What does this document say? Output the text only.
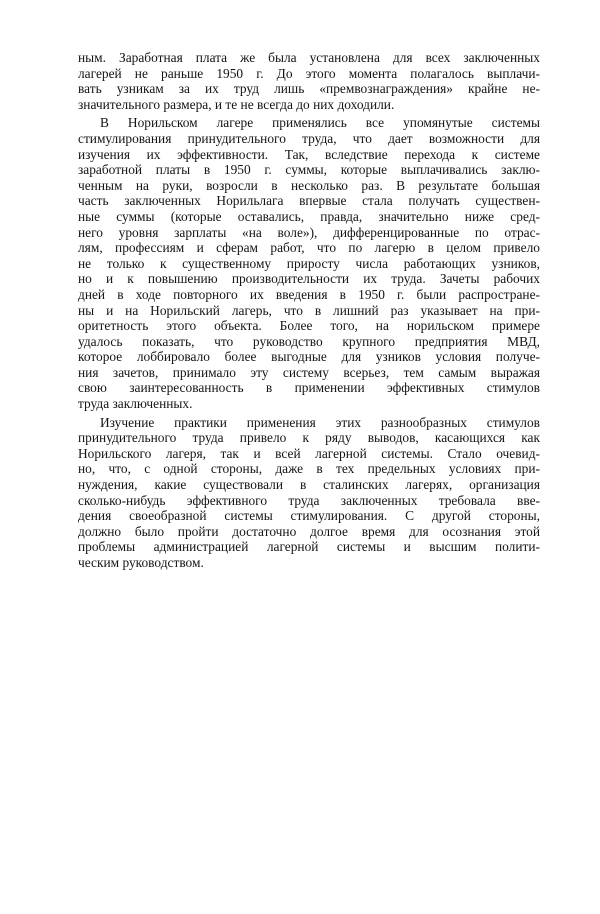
ным. Заработная плата же была установлена для всех заключенных
лагерей не раньше 1950 г. До этого момента полагалось выплачи-
вать узникам за их труд лишь «премвознаграждения» крайне не-
значительного размера, и те не всегда до них доходили.

В Норильском лагере применялись все упомянутые системы
стимулирования принудительного труда, что дает возможности для
изучения их эффективности. Так, вследствие перехода к системе
заработной платы в 1950 г. суммы, которые выплачивались заклю-
ченным на руки, возросли в несколько раз. В результате большая
часть заключенных Норильлага впервые стала получать существен-
ные суммы (которые оставались, правда, значительно ниже сред-
него уровня зарплаты «на воле»), дифференцированные по отрас-
лям, профессиям и сферам работ, что по лагерю в целом привело
не только к существенному приросту числа работающих узников,
но и к повышению производительности их труда. Зачеты рабочих
дней в ходе повторного их введения в 1950 г. были распростране-
ны и на Норильский лагерь, что в лишний раз указывает на при-
оритетность этого объекта. Более того, на норильском примере
удалось показать, что руководство крупного предприятия МВД,
которое лоббировало более выгодные для узников условия получе-
ния зачетов, принимало эту систему всерьез, тем самым выражая
свою заинтересованность в применении эффективных стимулов
труда заключенных.

Изучение практики применения этих разнообразных стимулов
принудительного труда привело к ряду выводов, касающихся как
Норильского лагеря, так и всей лагерной системы. Стало очевид-
но, что, с одной стороны, даже в тех предельных условиях при-
нуждения, какие существовали в сталинских лагерях, организация
сколько-нибудь эффективного труда заключенных требовала вве-
дения своеобразной системы стимулирования. С другой стороны,
должно было пройти достаточно долгое время для осознания этой
проблемы администрацией лагерной системы и высшим полити-
ческим руководством.
